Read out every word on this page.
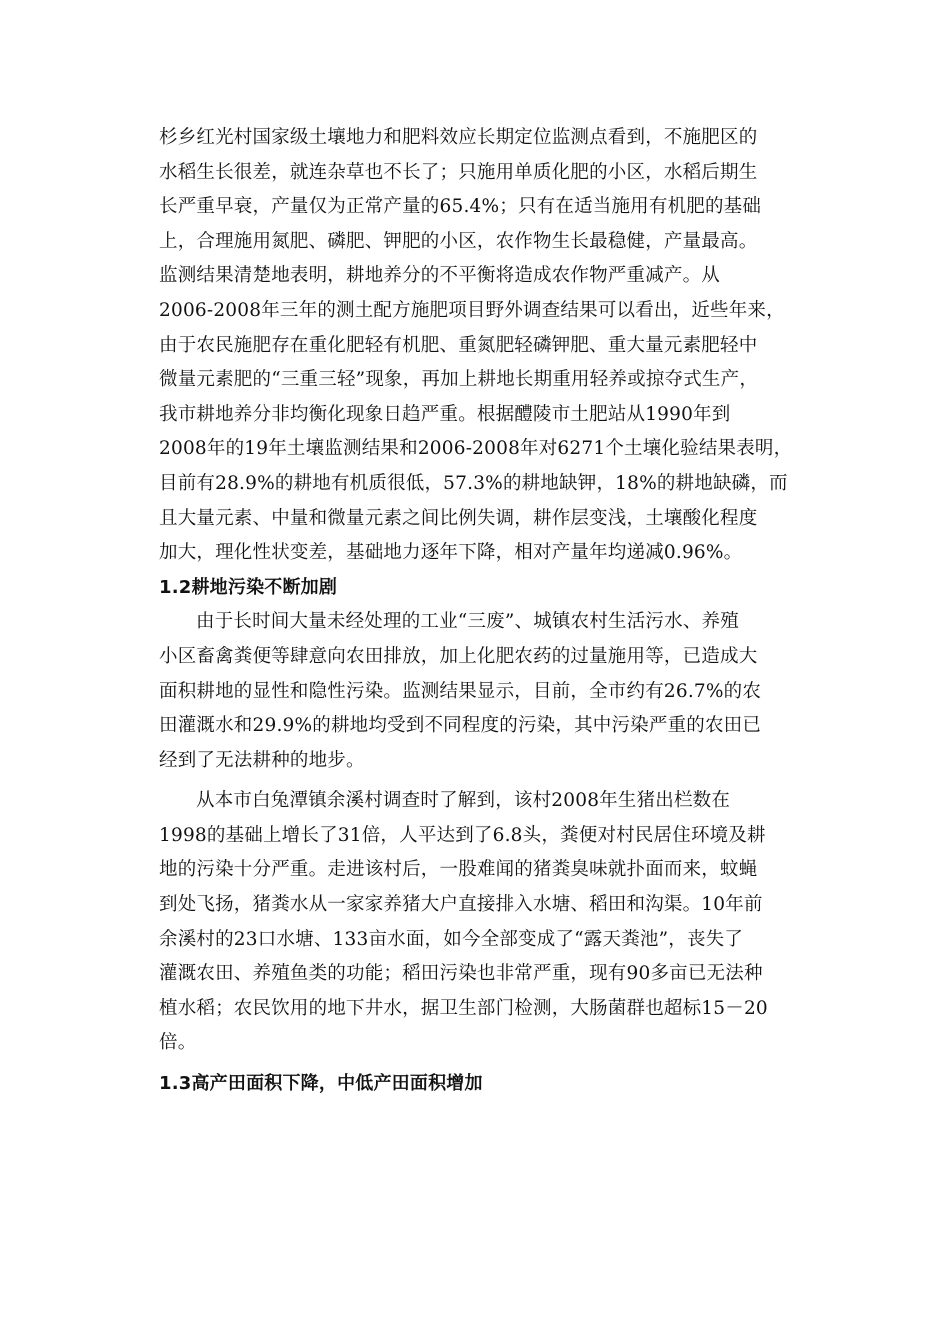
杉乡红光村国家级土壤地力和肥料效应长期定位监测点看到，不施肥区的
水稻生长很差，就连杂草也不长了；只施用单质化肥的小区，水稻后期生
长严重早衰，产量仅为正常产量的65.4%；只有在适当施用有机肥的基础
上，合理施用氮肥、磷肥、钾肥的小区，农作物生长最稳健，产量最高。
监测结果清楚地表明，耕地养分的不平衡将造成农作物严重减产。从
2006-2008年三年的测土配方施肥项目野外调查结果可以看出，近些年来，
由于农民施肥存在重化肥轻有机肥、重氮肥轻磷钾肥、重大量元素肥轻中
微量元素肥的“三重三轻”现象，再加上耕地长期重用轻养或掠夺式生产，
我市耕地养分非均衡化现象日趋严重。根据醴陵市土肥站从1990年到
2008年的19年土壤监测结果和2006-2008年对6271个土壤化验结果表明，
目前有28.9%的耕地有机质很低，57.3%的耕地缺钾，18%的耕地缺磷，而
且大量元素、中量和微量元素之间比例失调，耕作层变浅，土壤酸化程度
加大，理化性状变差，基础地力逐年下降，相对产量年均递减0.96%。
1.2耕地污染不断加剧
由于长时间大量未经处理的工业“三废”、城镇农村生活污水、养殖
小区畜禽粪便等肆意向农田排放，加上化肥农药的过量施用等，已造成大
面积耕地的显性和隐性污染。监测结果显示，目前，全市约有26.7%的农
田灌溉水和29.9%的耕地均受到不同程度的污染，其中污染严重的农田已
经到了无法耕种的地步。
从本市白兔潭镇余溪村调查时了解到，该村2008年生猪出栏数在
1998的基础上增长了31倍，人平达到了6.8头，粪便对村民居住环境及耕
地的污染十分严重。走进该村后，一股难闻的猪粪臭味就扑面而来，蚊蝇
到处飞扬，猪粪水从一家家养猪大户直接排入水塘、稻田和沟渠。10年前
余溪村的23口水塘、133亩水面，如今全部变成了“露天粪池”，丧失了
灌溉农田、养殖鱼类的功能；稻田污染也非常严重，现有90多亩已无法种
植水稻；农民饮用的地下井水，据卫生部门检测，大肠菌群也超标15－20
倍。
1.3高产田面积下降，中低产田面积增加
